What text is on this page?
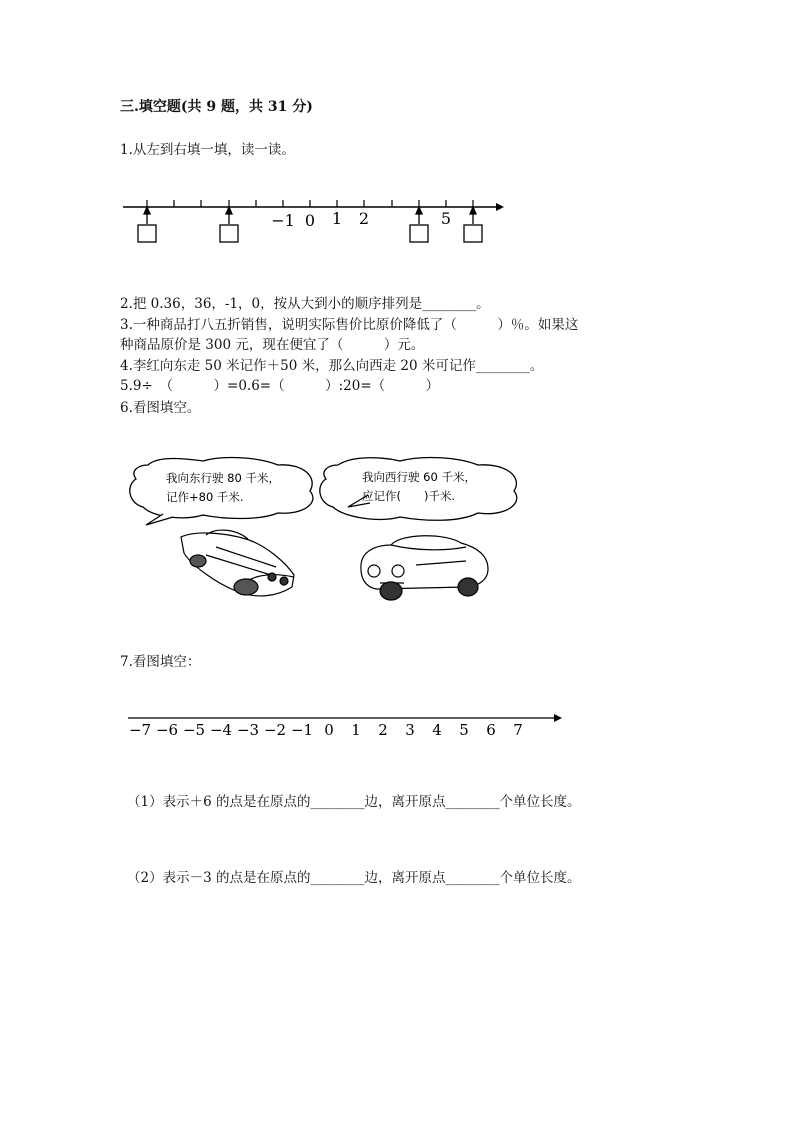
三.填空题(共 9 题，共 31 分)
1.从左到右填一填，读一读。
−1 0 1 2	5
2.把 0.36，36，-1，0，按从大到小的顺序排列是________。
3.一种商品打八五折销售，说明实际售价比原价降低了（　　　）％。如果这
种商品原价是 300 元，现在便宜了（　　　）元。
4.李红向东走 50 米记作＋50 米，那么向西走 20 米可记作________。
5.9÷　（　　　）=0.6=（　　　）:20=（　　　）
6.看图填空。
我向东行驶 80 千米，
记作+80 千米.
我向西行驶 60 千米，
应记作(　　)千米.
7.看图填空：
−7 −6 −5 −4 −3 −2 −1 0 1 2 3 4 5 6 7
（1）表示＋6 的点是在原点的________边，离开原点________个单位长度。
（2）表示－3 的点是在原点的________边，离开原点________个单位长度。
